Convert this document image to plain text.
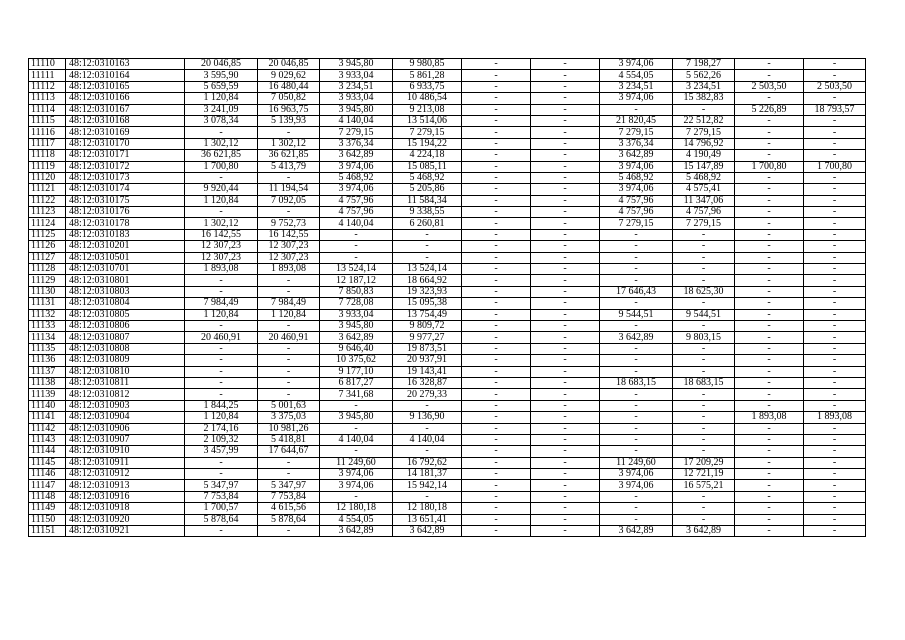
11110	48:12:0310163	20 046,85	20 046,85	3 945,80	9 980,85	-	-	3 974,06	7 198,27	-	-
11111	48:12:0310164	3 595,90	9 029,62	3 933,04	5 861,28	-	-	4 554,05	5 562,26	-	-
11112	48:12:0310165	5 659,59	16 480,44	3 234,51	6 933,75	-	-	3 234,51	3 234,51	2 503,50	2 503,50
11113	48:12:0310166	1 120,84	7 050,82	3 933,04	10 486,54	-	-	3 974,06	15 382,83	-	-
11114	48:12:0310167	3 241,09	16 963,75	3 945,80	9 213,08	-	-	-	-	5 226,89	18 793,57
11115	48:12:0310168	3 078,34	5 139,93	4 140,04	13 514,06	-	-	21 820,45	22 512,82	-	-
11116	48:12:0310169	-	-	7 279,15	7 279,15	-	-	7 279,15	7 279,15	-	-
11117	48:12:0310170	1 302,12	1 302,12	3 376,34	15 194,22	-	-	3 376,34	14 796,92	-	-
11118	48:12:0310171	36 621,85	36 621,85	3 642,89	4 224,18	-	-	3 642,89	4 190,49	-	-
11119	48:12:0310172	1 700,80	5 413,79	3 974,06	15 085,11	-	-	3 974,06	15 147,89	1 700,80	1 700,80
11120	48:12:0310173	-	-	5 468,92	5 468,92	-	-	5 468,92	5 468,92	-	-
11121	48:12:0310174	9 920,44	11 194,54	3 974,06	5 205,86	-	-	3 974,06	4 575,41	-	-
11122	48:12:0310175	1 120,84	7 092,05	4 757,96	11 584,34	-	-	4 757,96	11 347,06	-	-
11123	48:12:0310176	-	-	4 757,96	9 338,55	-	-	4 757,96	4 757,96	-	-
11124	48:12:0310178	1 302,12	9 752,73	4 140,04	6 260,81	-	-	7 279,15	7 279,15	-	-
11125	48:12:0310183	16 142,55	16 142,55	-	-	-	-	-	-	-	-
11126	48:12:0310201	12 307,23	12 307,23	-	-	-	-	-	-	-	-
11127	48:12:0310501	12 307,23	12 307,23	-	-	-	-	-	-	-	-
11128	48:12:0310701	1 893,08	1 893,08	13 524,14	13 524,14	-	-	-	-	-	-
11129	48:12:0310801	-	-	12 187,12	18 664,92	-	-	-	-	-	-
11130	48:12:0310803	-	-	7 850,83	19 323,93	-	-	17 646,43	18 625,30	-	-
11131	48:12:0310804	7 984,49	7 984,49	7 728,08	15 095,38	-	-	-	-	-	-
11132	48:12:0310805	1 120,84	1 120,84	3 933,04	13 754,49	-	-	9 544,51	9 544,51	-	-
11133	48:12:0310806	-	-	3 945,80	9 809,72	-	-	-	-	-	-
11134	48:12:0310807	20 460,91	20 460,91	3 642,89	9 977,27	-	-	3 642,89	9 803,15	-	-
11135	48:12:0310808	-	-	9 646,40	19 873,51	-	-	-	-	-	-
11136	48:12:0310809	-	-	10 375,62	20 937,91	-	-	-	-	-	-
11137	48:12:0310810	-	-	9 177,10	19 143,41	-	-	-	-	-	-
11138	48:12:0310811	-	-	6 817,27	16 328,87	-	-	18 683,15	18 683,15	-	-
11139	48:12:0310812	-	-	7 341,68	20 279,33	-	-	-	-	-	-
11140	48:12:0310903	1 844,25	5 001,63	-	-	-	-	-	-	-	-
11141	48:12:0310904	1 120,84	3 375,03	3 945,80	9 136,90	-	-	-	-	1 893,08	1 893,08
11142	48:12:0310906	2 174,16	10 981,26	-	-	-	-	-	-	-	-
11143	48:12:0310907	2 109,32	5 418,81	4 140,04	4 140,04	-	-	-	-	-	-
11144	48:12:0310910	3 457,99	17 644,67	-	-	-	-	-	-	-	-
11145	48:12:0310911	-	-	11 249,60	16 792,62	-	-	11 249,60	17 209,29	-	-
11146	48:12:0310912	-	-	3 974,06	14 181,37	-	-	3 974,06	12 721,19	-	-
11147	48:12:0310913	5 347,97	5 347,97	3 974,06	15 942,14	-	-	3 974,06	16 575,21	-	-
11148	48:12:0310916	7 753,84	7 753,84	-	-	-	-	-	-	-	-
11149	48:12:0310918	1 700,57	4 615,56	12 180,18	12 180,18	-	-	-	-	-	-
11150	48:12:0310920	5 878,64	5 878,64	4 554,05	13 651,41	-	-	-	-	-	-
11151	48:12:0310921	-	-	3 642,89	3 642,89	-	-	3 642,89	3 642,89	-	-
